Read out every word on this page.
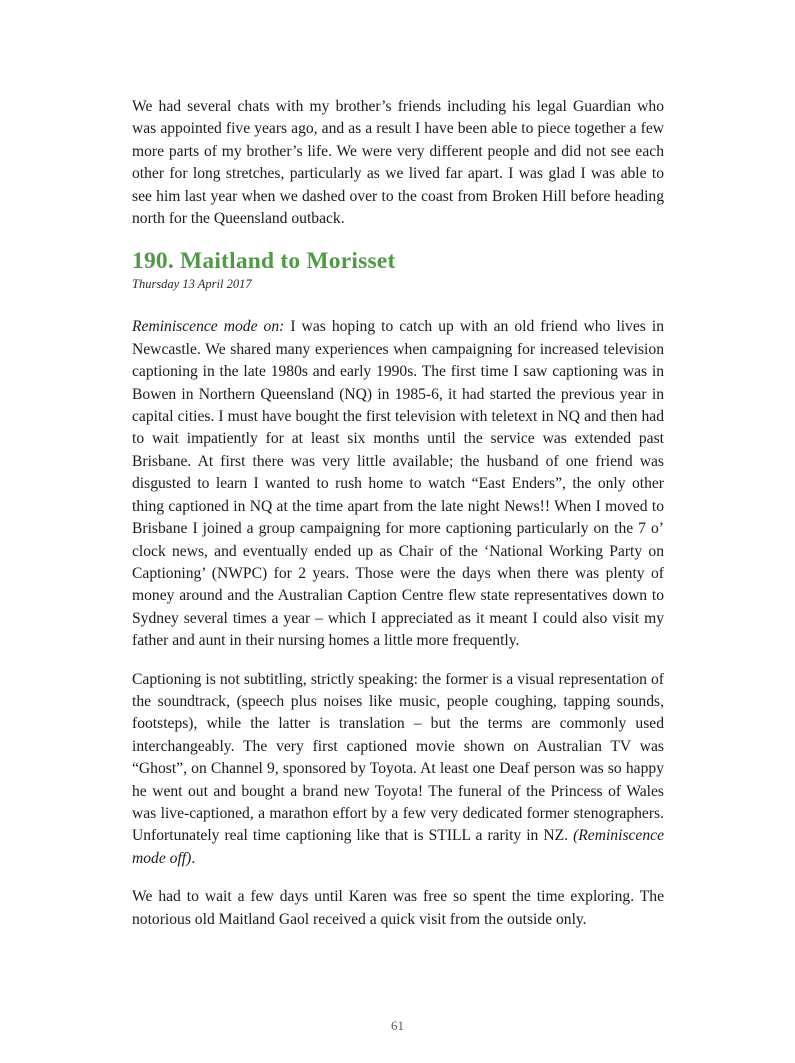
We had several chats with my brother’s friends including his legal Guardian who was appointed five years ago, and as a result I have been able to piece together a few more parts of my brother’s life. We were very different people and did not see each other for long stretches, particularly as we lived far apart. I was glad I was able to see him last year when we dashed over to the coast from Broken Hill before heading north for the Queensland outback.

190. Maitland to Morisset
Thursday 13 April 2017

Reminiscence mode on: I was hoping to catch up with an old friend who lives in Newcastle. We shared many experiences when campaigning for increased television captioning in the late 1980s and early 1990s. The first time I saw captioning was in Bowen in Northern Queensland (NQ) in 1985-6, it had started the previous year in capital cities. I must have bought the first television with teletext in NQ and then had to wait impatiently for at least six months until the service was extended past Brisbane. At first there was very little available; the husband of one friend was disgusted to learn I wanted to rush home to watch “East Enders”, the only other thing captioned in NQ at the time apart from the late night News!! When I moved to Brisbane I joined a group campaigning for more captioning particularly on the 7 o’ clock news, and eventually ended up as Chair of the ‘National Working Party on Captioning’ (NWPC) for 2 years. Those were the days when there was plenty of money around and the Australian Caption Centre flew state representatives down to Sydney several times a year – which I appreciated as it meant I could also visit my father and aunt in their nursing homes a little more frequently.

Captioning is not subtitling, strictly speaking: the former is a visual representation of the soundtrack, (speech plus noises like music, people coughing, tapping sounds, footsteps), while the latter is translation – but the terms are commonly used interchangeably. The very first captioned movie shown on Australian TV was “Ghost”, on Channel 9, sponsored by Toyota. At least one Deaf person was so happy he went out and bought a brand new Toyota! The funeral of the Princess of Wales was live-captioned, a marathon effort by a few very dedicated former stenographers. Unfortunately real time captioning like that is STILL a rarity in NZ. (Reminiscence mode off).

We had to wait a few days until Karen was free so spent the time exploring. The notorious old Maitland Gaol received a quick visit from the outside only.

61
